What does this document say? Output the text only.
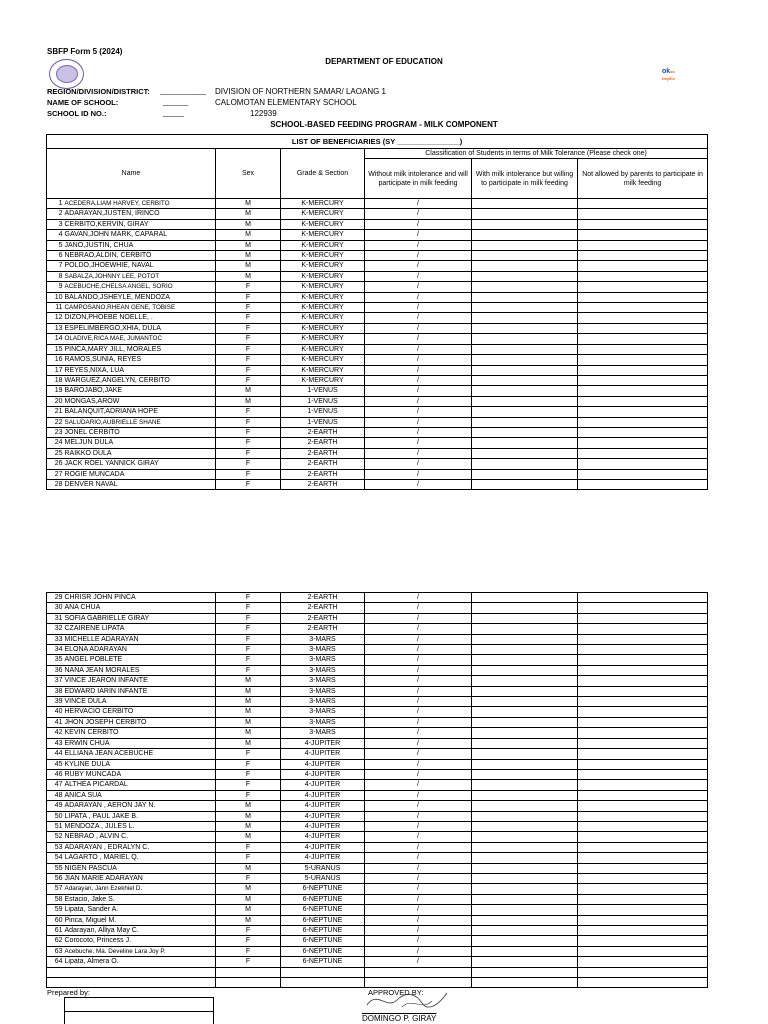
SBFP Form 5 (2024)
oksa DepEd
DEPARTMENT OF EDUCATION
REGION/DIVISION/DISTRICT: ___________ DIVISION OF NORTHERN SAMAR/ LAOANG 1
NAME OF SCHOOL:	______	CALOMOTAN ELEMENTARY SCHOOL
SCHOOL ID NO.:	_____	122939
SCHOOL-BASED FEEDING PROGRAM - MILK COMPONENT
LIST OF BENEFICIARIES (SY _______________)						
Name		Sex	Grade & Section	Classification of Students in terms of Milk Tolerance (Please check one)		
				Without milk intolerance and will participate in milk feeding	With milk intolerance but willing to participate in milk feeding	Not allowed by parents to participate in milk feeding
1	ACEDERA,LIAM HARVEY, CERBITO	M	K-MERCURY	/		
2	ADARAYAN,JUSTEN, IRINCO	M	K-MERCURY	/		
3	CERBITO,KERVIN, GIRAY	M	K-MERCURY	/		
4	GAVAN,JOHN MARK, CAPARAL	M	K-MERCURY	/		
5	JANO,JUSTIN, CHUA	M	K-MERCURY	/		
6	NEBRAO,ALDIN, CERBITO	M	K-MERCURY	/		
7	POLDO,JHOEWHIE, NAVAL	M	K-MERCURY	/		
8	SABALZA,JOHNNY LEE, POTOT	M	K-MERCURY	/		
9	ACEBUCHE,CHELSA ANGEL, SORIO	F	K-MERCURY	/		
10	BALANDO,JSHEYLE, MENDOZA	F	K-MERCURY	/		
11	CAMPOSANO,RHEAN GENE, TOBISE	F	K-MERCURY	/		
12	DIZON,PHOEBE NOELLE, .	F	K-MERCURY	/		
13	ESPELIMBERGO,XHIA, DULA	F	K-MERCURY	/		
14	OLADIVE,RICA MAE, JUMANTOC	F	K-MERCURY	/		
15	PINCA,MARY JILL, MORALES	F	K-MERCURY	/		
16	RAMOS,SUNIA, REYES	F	K-MERCURY	/		
17	REYES,NIXA, LUA	F	K-MERCURY	/		
18	WARGUEZ,ANGELYN, CERBITO	F	K-MERCURY	/		
19	BAROJABO,JAKE	M	1-VENUS	/		
20	MONGAS,AROW	M	1-VENUS	/		
21	BALANQUIT,ADRIANA HOPE	F	1-VENUS	/		
22	SALUDARIO,AUBRIELLE SHANE	F	1-VENUS	/		
23	JONEL CERBITO	F	2-EARTH	/		
24	MELJUN DULA	F	2-EARTH	/		
25	RAIKKO DULA	F	2-EARTH	/		
26	JACK ROEL YANNICK GIRAY	F	2-EARTH	/		
27	ROGIE MUNCADA	F	2-EARTH	/		
28	DENVER NAVAL	F	2-EARTH	/		
29	CHRISR JOHN PINCA	F	2-EARTH	/		
30	ANA CHUA	F	2-EARTH	/		
31	SOFIA GABRIELLE GIRAY	F	2-EARTH	/		
32	CZAIRENE LIPATA	F	2-EARTH	/		
33	MICHELLE ADARAYAN	F	3-MARS	/		
34	ELONA ADARAYAN	F	3-MARS	/		
35	ANGEL POBLETE	F	3-MARS	/		
36	NANA JEAN MORALES	F	3-MARS	/		
37	VINCE JEARON INFANTE	M	3-MARS	/		
38	EDWARD IARIN INFANTE	M	3-MARS	/		
39	VINCE DULA	M	3-MARS	/		
40	HERVACIO CERBITO	M	3-MARS	/		
41	JHON JOSEPH CERBITO	M	3-MARS	/		
42	KEVIN CERBITO	M	3-MARS	/		
43	ERWIN CHUA	M	4-JUPITER	/		
44	ELLIANA JEAN ACEBUCHE	F	4-JUPITER	/		
45	KYLINE DULA	F	4-JUPITER	/		
46	RUBY MUNCADA	F	4-JUPITER	/		
47	ALTHEA PICARDAL	F	4-JUPITER	/		
48	ANICA SUA	F	4-JUPITER	/		
49	ADARAYAN , AERON JAY N.	M	4-JUPITER	/		
50	LIPATA , PAUL JAKE B.	M	4-JUPITER	/		
51	MENDOZA , JULES L.	M	4-JUPITER	/		
52	NEBRAO , ALVIN C.	M	4-JUPITER	/		
53	ADARAYAN , EDRALYN C.	F	4-JUPITER	/		
54	LAGARTO , MARIEL Q.	F	4-JUPITER	/		
55	NIGEN PASCUA	M	5-URANUS	/		
56	JIAN MARIE ADARAYAN	F	5-URANUS	/		
57	Adarayan, Jann Ezekhiel D.	M	6-NEPTUNE	/		
58	Estacio, Jake S.	M	6-NEPTUNE	/		
59	Lipata, Sander A.	M	6-NEPTUNE	/		
60	Pinca, Miguel M.	M	6-NEPTUNE	/		
61	Adarayan, Alliya May C.	F	6-NEPTUNE	/		
62	Corocoto, Princess J.	F	6-NEPTUNE	/		
63	Acebuche, Ma. Develine Lara Joy P.	F	6-NEPTUNE	/		
64	Lipata, Almera O.	F	6-NEPTUNE	/		

Prepared by:	APPROVED BY:
DOMINGO P. GIRAY
